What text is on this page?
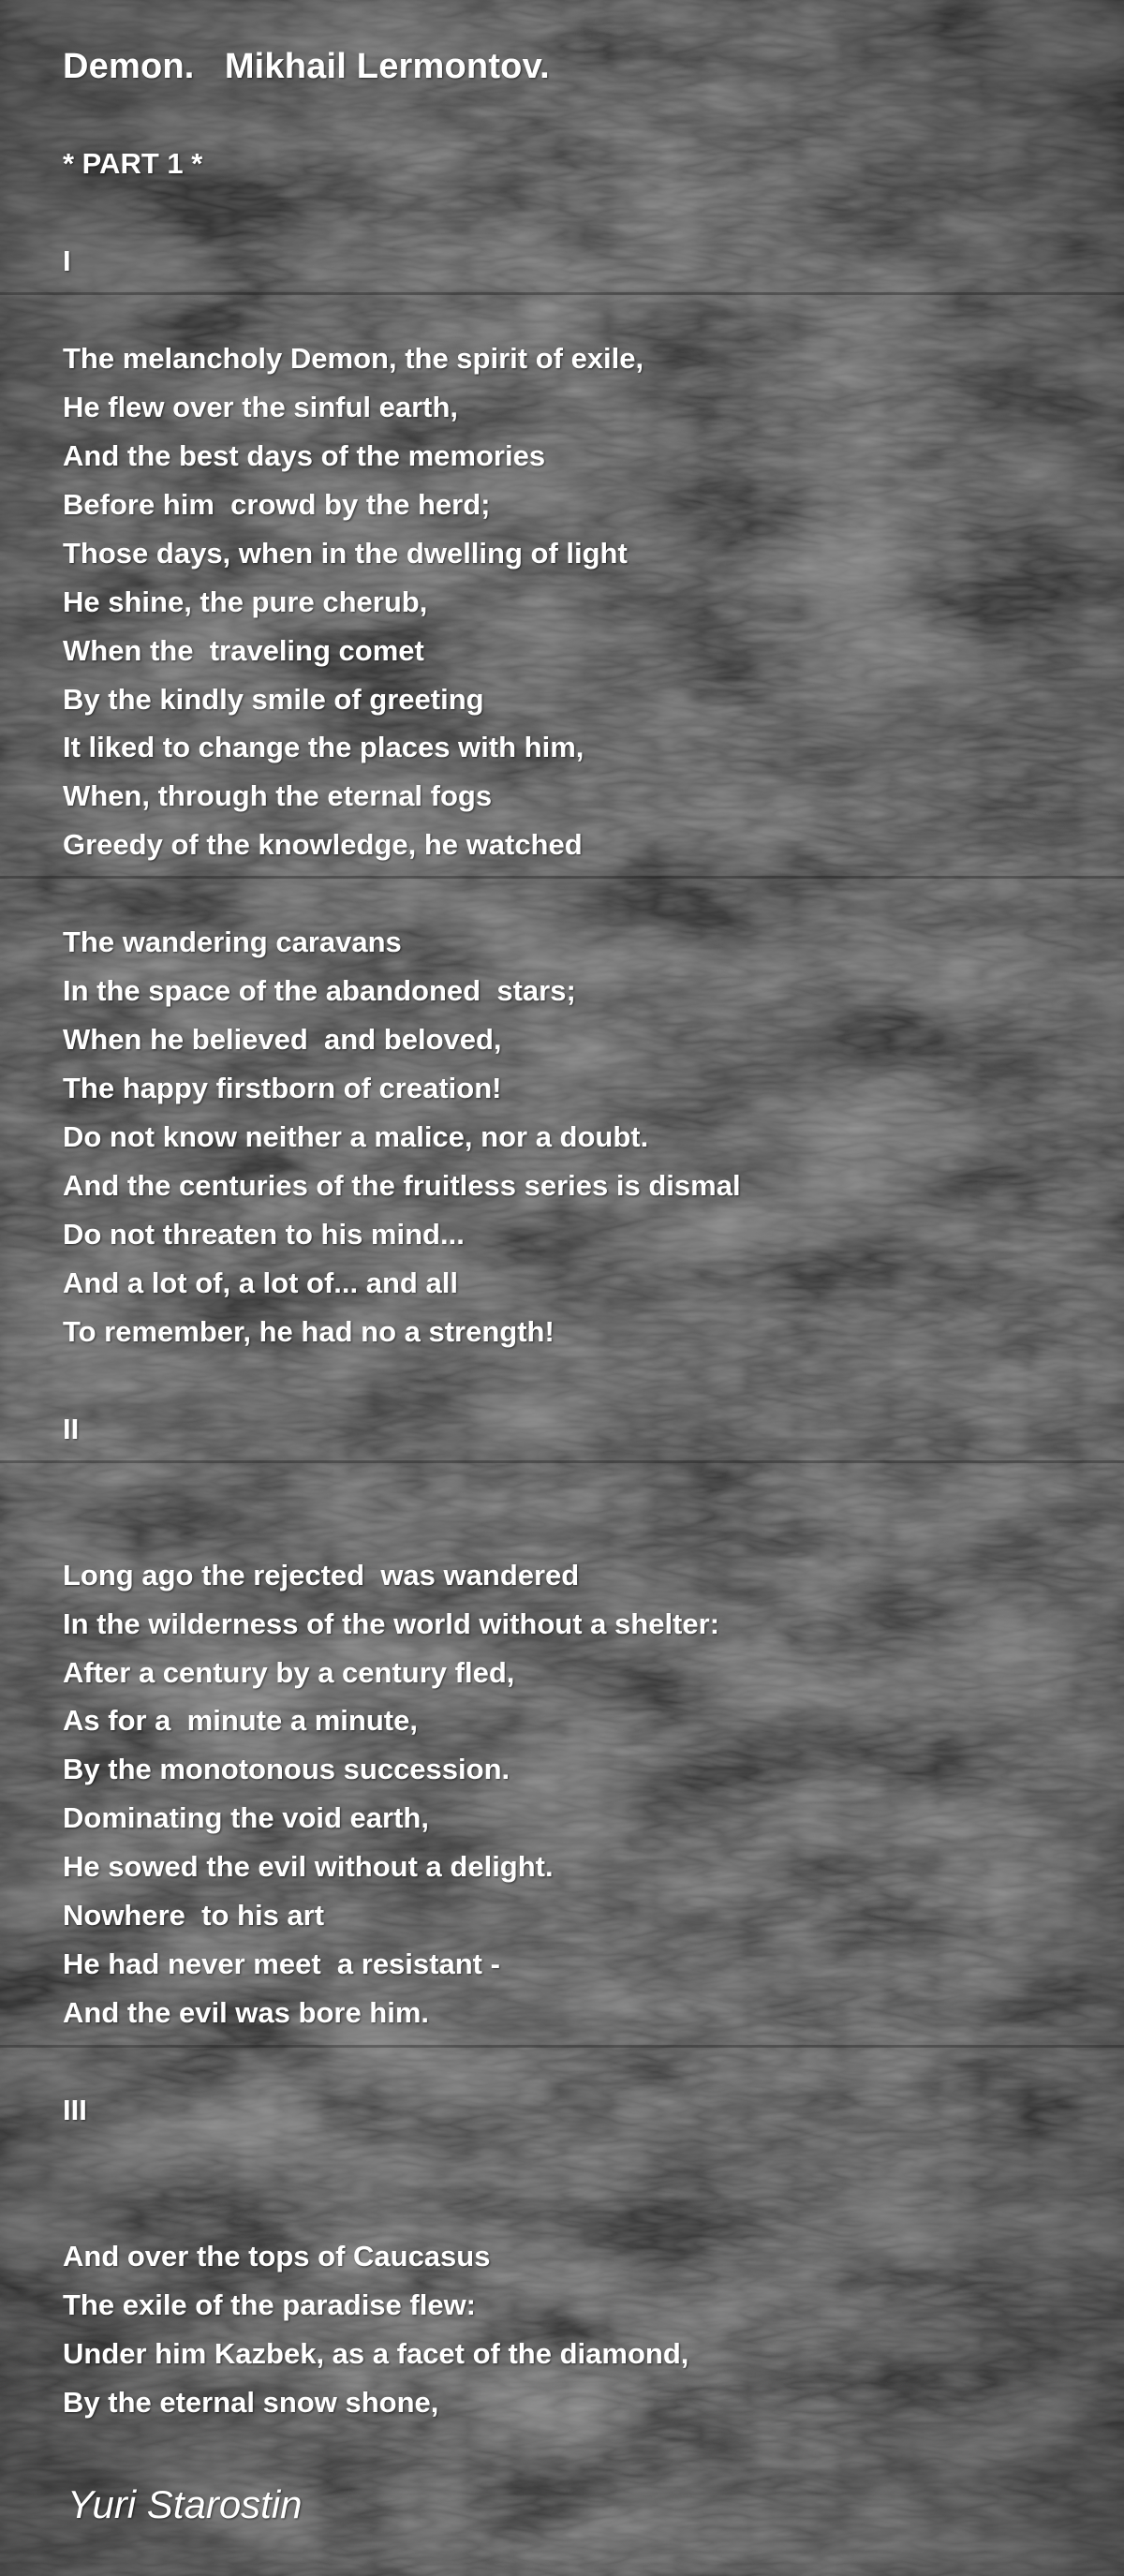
Demon.   Mikhail Lermontov.
* PART 1 *
I
The melancholy Demon, the spirit of exile,
He flew over the sinful earth,
And the best days of the memories
Before him  crowd by the herd;
Those days, when in the dwelling of light
He shine, the pure cherub,
When the  traveling comet
By the kindly smile of greeting
It liked to change the places with him,
When, through the eternal fogs
Greedy of the knowledge, he watched
The wandering caravans
In the space of the abandoned  stars;
When he believed  and beloved,
The happy firstborn of creation!
Do not know neither a malice, nor a doubt.
And the centuries of the fruitless series is dismal
Do not threaten to his mind...
And a lot of, a lot of... and all
To remember, he had no a strength!
II
Long ago the rejected  was wandered
In the wilderness of the world without a shelter:
After a century by a century fled,
As for a  minute a minute,
By the monotonous succession.
Dominating the void earth,
He sowed the evil without a delight.
Nowhere  to his art
He had never meet  a resistant -
And the evil was bore him.
III
And over the tops of Caucasus
The exile of the paradise flew:
Under him Kazbek, as a facet of the diamond,
By the eternal snow shone,
Yuri Starostin
